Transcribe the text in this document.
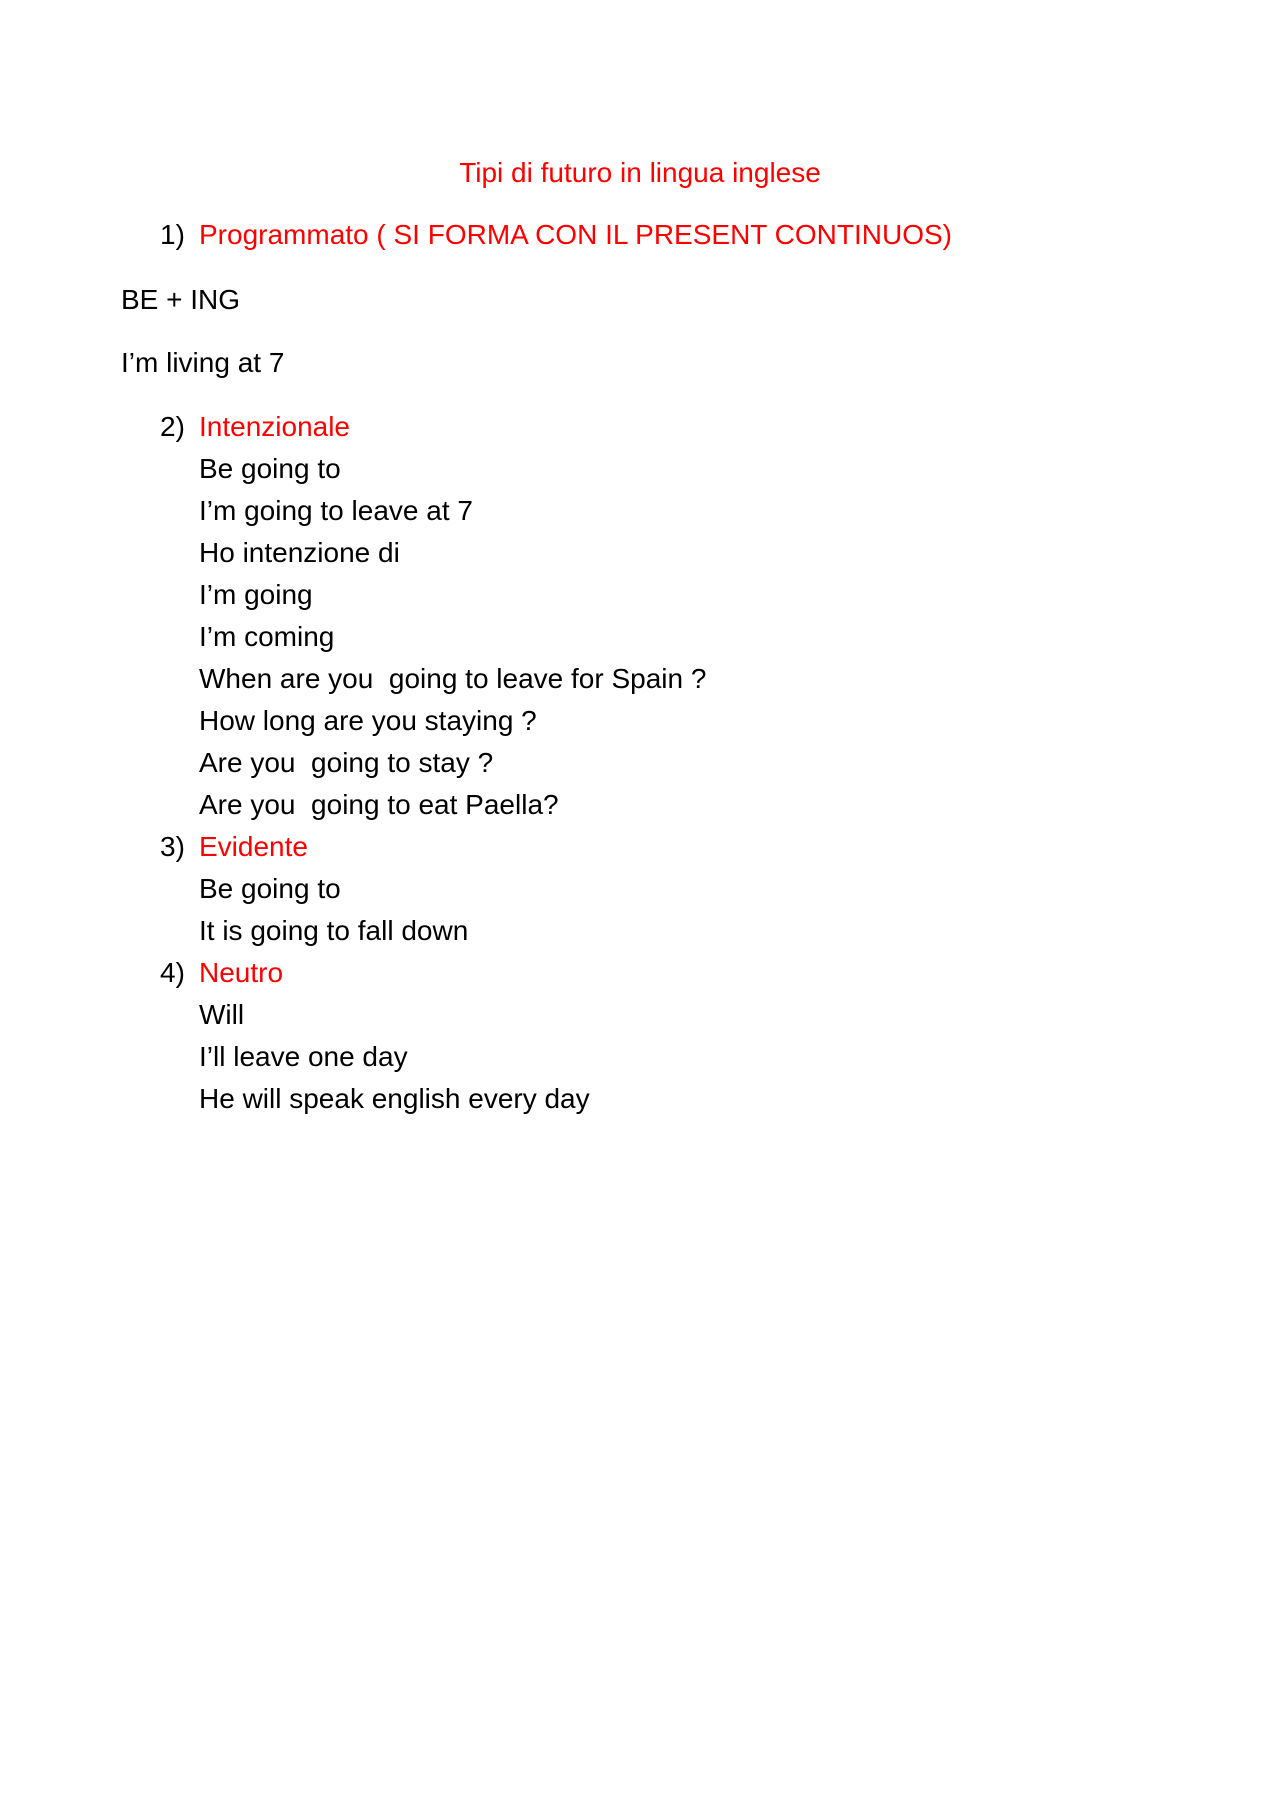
Tipi di futuro in lingua inglese
1) Programmato ( SI FORMA CON IL PRESENT CONTINUOS)

BE + ING

I’m living at 7

2) Intenzionale
Be going to
I’m going to leave at 7
Ho intenzione di
I’m going
I’m coming
When are you  going to leave for Spain ?
How long are you staying ?
Are you  going to stay ?
Are you  going to eat Paella?
3) Evidente
Be going to
It is going to fall down
4) Neutro
Will
I’ll leave one day
He will speak english every day
